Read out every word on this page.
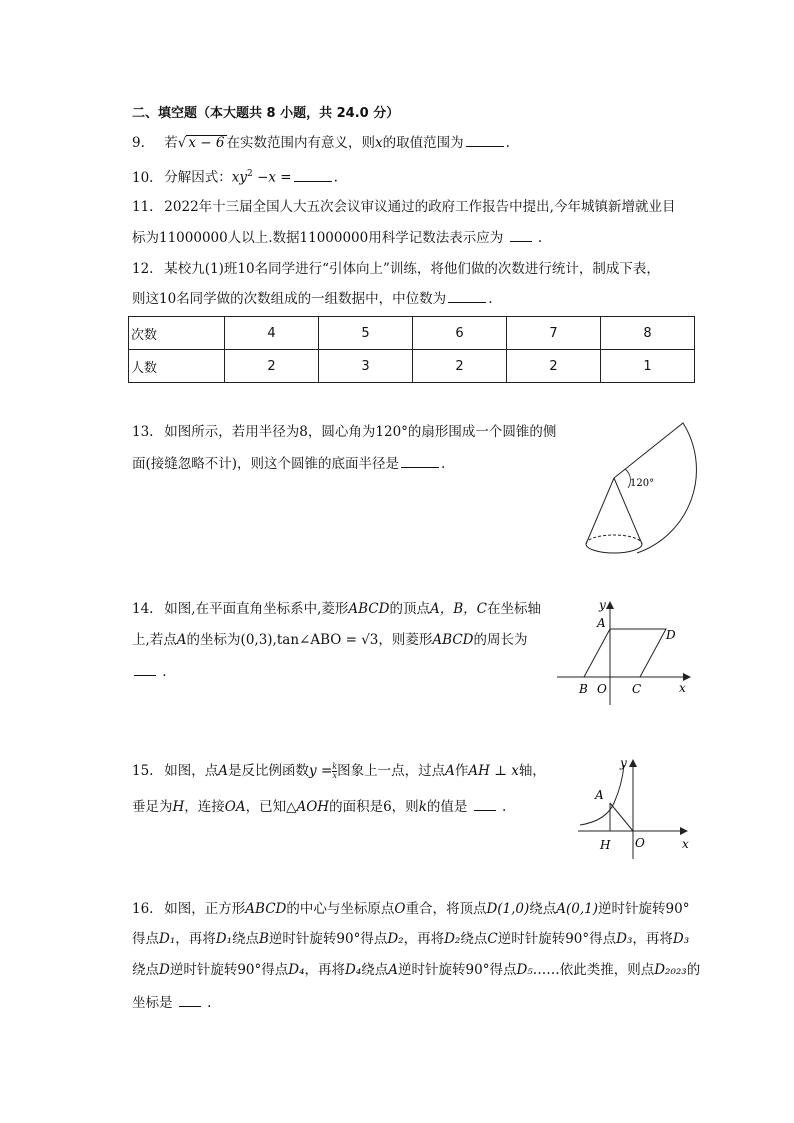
二、填空题（本大题共 8 小题，共 24.0 分）
9. 若√ x − 6 在实数范围内有意义，则x的取值范围为	.
10. 分解因式：$xy^2 -x$ =	.
11. 2022年十三届全国人大五次会议审议通过的政府工作报告中提出,今年城镇新增就业目
标为11000000人以上.数据11000000用科学记数法表示应为	.
12. 某校九(1)班10名同学进行“引体向上”训练，将他们做的次数进行统计，制成下表，
则这10名同学做的次数组成的一组数据中，中位数为	.
次数	4	5	6	7	8
人数	2	3	2	2	1
13. 如图所示，若用半径为8，圆心角为120°的扇形围成一个圆锥的侧
面(接缝忽略不计)，则这个圆锥的底面半径是	.
120°
14. 如图,在平面直角坐标系中,菱形ABCD的顶点A，B，C在坐标轴
上,若点A的坐标为(0,3),tan∠ABO = √3，则菱形ABCD的周长为
.
y
x
A
D
B O C
15. 如图，点A是反比例函数$y = \frac{k}{x}$ 图象上一点，过点A作AH ⊥ x轴，
垂足为H，连接OA，已知△AOH的面积是6，则k的值是	.
y
x
A
H O
16. 如图，正方形ABCD的中心与坐标原点O重合，将顶点D(1,0)绕点A(0,1)逆时针旋转90°
得点D₁，再将D₁绕点B逆时针旋转90°得点D₂，再将D₂绕点C逆时针旋转90°得点D₃，再将D₃
绕点D逆时针旋转90°得点D₄，再将D₄绕点A逆时针旋转90°得点D₅……依此类推，则点D₂₀₂₃的
坐标是	.
